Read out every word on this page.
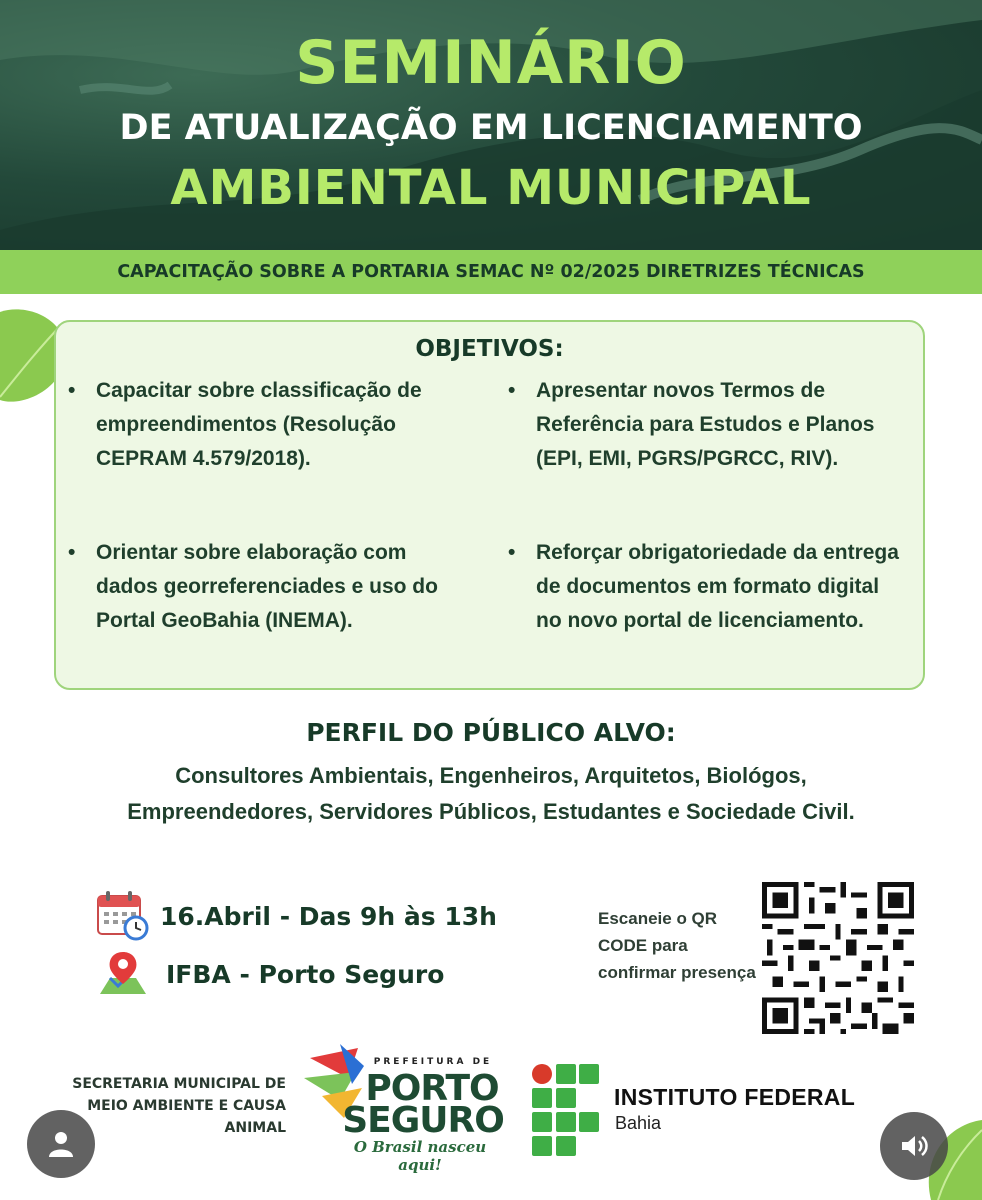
SEMINÁRIO
DE ATUALIZAÇÃO EM LICENCIAMENTO
AMBIENTAL MUNICIPAL
CAPACITAÇÃO SOBRE A PORTARIA SEMAC Nº 02/2025 DIRETRIZES TÉCNICAS
OBJETIVOS:
• Capacitar sobre classificação de empreendimentos (Resolução CEPRAM 4.579/2018).
• Apresentar novos Termos de Referência para Estudos e Planos (EPI, EMI, PGRS/PGRCC, RIV).
• Orientar sobre elaboração com dados georreferenciades e uso do Portal GeoBahia (INEMA).
• Reforçar obrigatoriedade da entrega de documentos em formato digital no novo portal de licenciamento.
PERFIL DO PÚBLICO ALVO:
Consultores Ambientais, Engenheiros, Arquitetos, Biológos, Empreendedores, Servidores Públicos, Estudantes e Sociedade Civil.
16.Abril - Das 9h às 13h
IFBA - Porto Seguro
Escaneie o QR CODE para confirmar presença
SECRETARIA MUNICIPAL DE MEIO AMBIENTE E CAUSA ANIMAL
PREFEITURA DE
PORTO
SEGURO
O Brasil nasceu aqui!
INSTITUTO FEDERAL
Bahia
